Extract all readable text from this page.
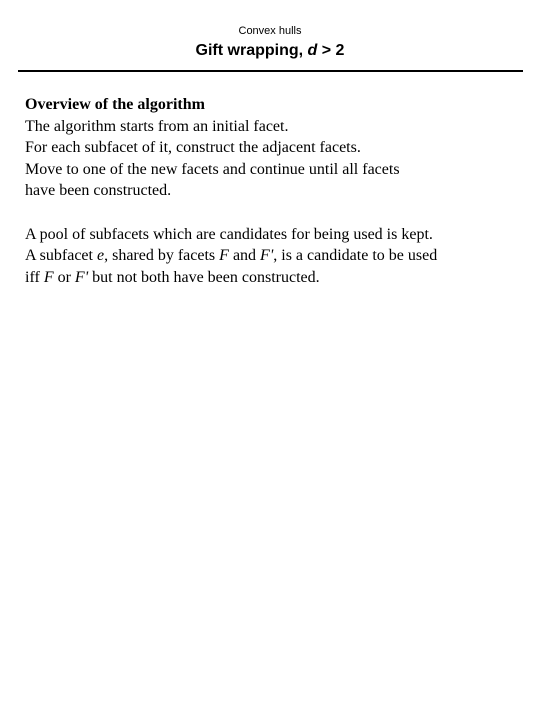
Convex hulls
Gift wrapping, d > 2

Overview of the algorithm

The algorithm starts from an initial facet.

For each subfacet of it, construct the adjacent facets.

Move to one of the new facets and continue until all facets

have been constructed.

A pool of subfacets which are candidates for being used is kept.

A subfacet e, shared by facets F and F', is a candidate to be used

iff F or F' but not both have been constructed.
